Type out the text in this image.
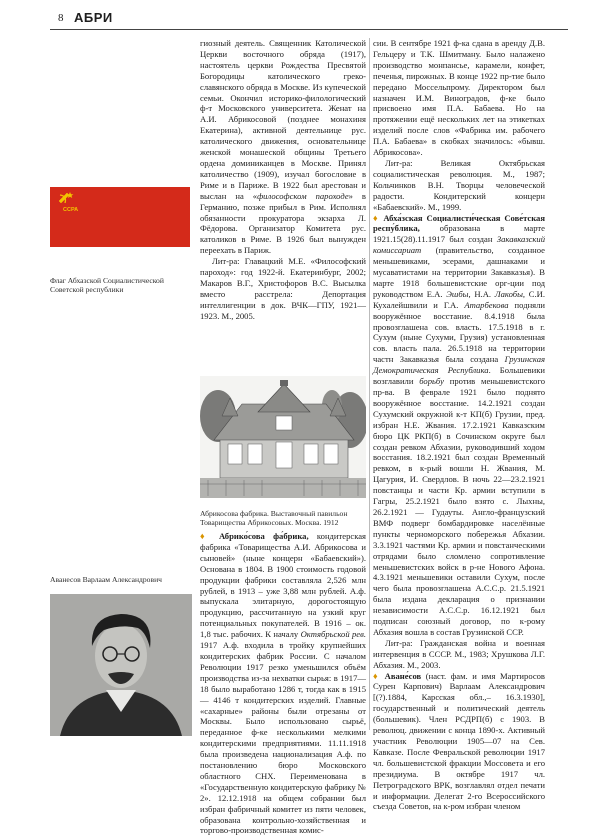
8 АБРИ
ССРА
Флаг Абхазской Социалистической Советской республики

гиозный деятель. Священник Католической Церкви восточного обряда (1917), настоятель церкви Рождества Пресвятой Богородицы католического греко-славянского обряда в Москве. Из купеческой семьи. Окончил историко-филологический ф-т Московского университета. Женат на А.И. Абрикосовой (позднее монахиня Екатерина), активной деятельнице рус. католического движения, основательнице женской монашеской общины Третьего ордена доминиканцев в Москве. Принял католичество (1909), изучал богословие в Риме и в Париже. В 1922 был арестован и выслан на «философском пароходе» в Германию, позже прибыл в Рим. Исполнял обязанности прокуратора экзарха Л. Фёдорова. Организатор Комитета рус. католиков в Риме. В 1926 был вынужден переехать в Париж.

Лит-ра: Главацкий М.Е. «Философский пароход»: год 1922-й. Екатеринбург, 2002; Макаров В.Г., Христофоров В.С. Высылка вместо расстрела: Депортация интеллигенции в док. ВЧК—ГПУ, 1921—1923. М., 2005.

Абрикосова фабрика. Выставочный павильон Товарищества Абрикосовых. Москва. 1912

♦ Абрико́сова фа́брика, кондитерская фабрика «Товарищества А.И. Абрикосова и сыновей» (ныне концерн «Бабаевский»). Основана в 1804. В 1900 стоимость годовой продукции фабрики составляла 2,526 млн рублей, в 1913 – уже 3,88 млн рублей. А.ф. выпускала элитарную, дорогостоящую продукцию, рассчитанную на узкий круг потенциальных покупателей. В 1916 – ок. 1,8 тыс. рабочих. К началу Октябрьской рев. 1917 А.ф. входила в тройку крупнейших кондитерских фабрик России. С началом Революции 1917 резко уменьшился объём производства из-за нехватки сырья: в 1917—18 было выработано 1286 т, тогда как в 1915 — 4146 т кондитерских изделий. Главные «сахарные» районы были отрезаны от Москвы. Было использовано сырьё, переданное ф-ке несколькими мелкими кондитерскими предприятиями. 11.11.1918 была произведена национализация А.ф. по постановлению бюро Московского областного СНХ. Переименована в «Государственную кондитерскую фабрику № 2». 12.12.1918 на общем собрании был избран фабричный комитет из пяти человек, образована контрольно-хозяйственная и торгово-производственная комис-

Аванесов Варлаам Александрович

сии. В сентябре 1921 ф-ка сдана в аренду Д.В. Гельцеру и Т.К. Шмитману. Было налажено производство монпансье, карамели, конфет, печенья, пирожных. В конце 1922 пр-тие было передано Моссельпрому. Директором был назначен И.М. Виноградов, ф-ке было присвоено имя П.А. Бабаева. Но на протяжении ещё нескольких лет на этикетках изделий после слов «Фабрика им. рабочего П.А. Бабаева» в скобках значилось: «бывш. Абрикосова».

Лит-ра: Великая Октябрьская социалистическая революция. М., 1987; Кольчинков В.Н. Творцы человеческой радости. Кондитерский концерн «Бабаевский». М., 1999.

♦ Абха́зская Социалисти́ческая Сове́тская респу́блика, образована в марте 1921.15(28).11.1917 был создан Закавказский комиссариат (правительство, созданное меньшевиками, эсерами, дашнаками и мусаватистами на территории Закавказья). В марте 1918 большевистские орг-ции под руководством Е.А. Эшбы, Н.А. Лакобы, С.И. Кухалейшвили и Г.А. Атарбекова подняли вооружённое восстание. 8.4.1918 была провозглашена сов. власть. 17.5.1918 в г. Сухум (ныне Сухуми, Грузия) установленная сов. власть пала. 26.5.1918 на территории частн Закавказья была создана Грузинская Демократическая Республика. Большевики возглавили борьбу против меньшевистского пр-ва. В феврале 1921 было поднято вооружённое восстание. 14.2.1921 создан Сухумский окружной к-т КП(б) Грузии, пред. избран Н.Е. Жвания. 17.2.1921 Кавказским бюро ЦК РКП(б) в Сочинском округе был создан ревком Абхазии, руководивший ходом восстания. 18.2.1921 был создан Временный ревком, в к-рый вошли Н. Жвания, М. Цагурия, И. Свердлов. В ночь 22—23.2.1921 повстанцы и части Кр. армии вступили в Гагры, 25.2.1921 было взято с. Лыхны, 26.2.1921 — Гудауты. Англо-французский ВМФ подверг бомбардировке населённые пункты черноморского побережья Абхазии. 3.3.1921 частями Кр. армии и повстанческими отрядами было сломлено сопротивление меньшевистских войск в р-не Нового Афона. 4.3.1921 меньшевики оставили Сухум, после чего была провозглашена А.С.С.р. 21.5.1921 была издана декларация о признании независимости А.С.С.р. 16.12.1921 был подписан союзный договор, по к-рому Абхазия вошла в состав Грузинской ССР.

Лит-ра: Гражданская война и военная интервенция в СССР. М., 1983; Хрушкова Л.Г. Абхазия. М., 2003.

♦ Аване́сов (наст. фам. и имя Мартиросов Сурен Карпович) Варлаам Александрович [(?).1884, Карсская обл.,– 16.3.1930], государственный и политический деятель (большевик). Член РСДРП(б) с 1903. В революц. движении с конца 1890-х. Активный участник Революции 1905—07 на Сев. Кавказе. После Февральской революции 1917 чл. большевистской фракции Моссовета и его президиума. В октябре 1917 чл. Петроградского ВРК, возглавлял отдел печати и информации. Делегат 2-го Всероссийского съезда Советов, на к-ром избран членом
